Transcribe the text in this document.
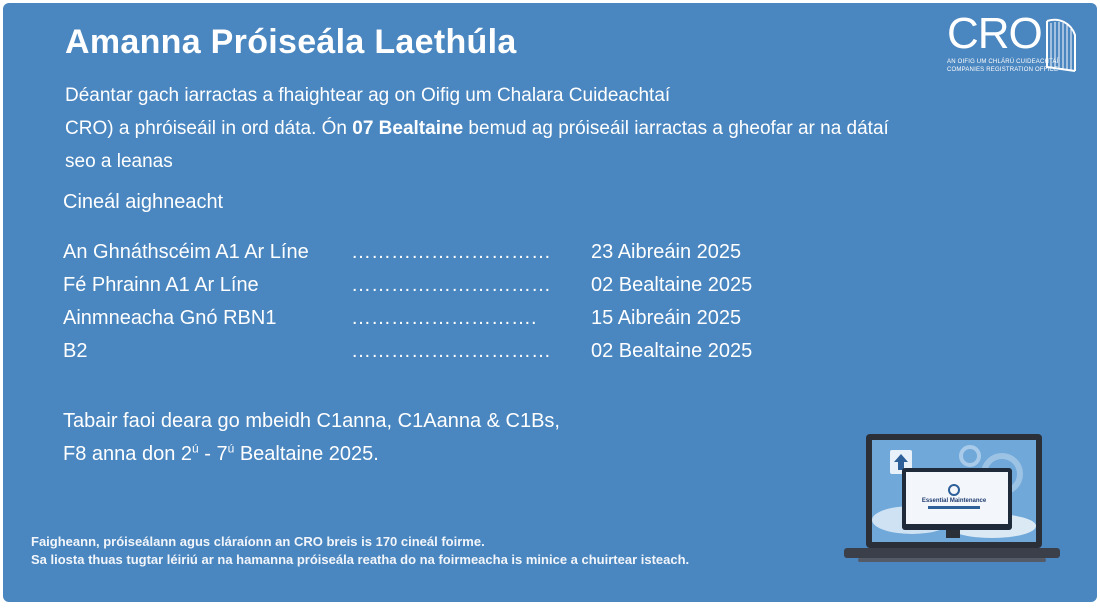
Amanna Próiseála Laethúla	CRO
AN OIFIG UM CHLÁRÚ CUIDEACHTAÍ
COMPANIES REGISTRATION OFFICE
Déantar gach iarractas a fhaightear ag on Oifig um Chalara Cuideachtaí
CRO) a phróiseáil in ord dáta. Ón 07 Bealtaine bemud ag próiseáil iarractas a gheofar ar na dátaí
seo a leanas
Cineál aighneacht
An Ghnáthscéim A1 Ar Líne ………………………… 23 Aibreáin 2025
Fé Phrainn A1 Ar Líne	………………………… 02 Bealtaine 2025
Ainmneacha Gnó RBN1	……………………….	15 Aibreáin 2025
B2	………………………… 02 Bealtaine 2025
Tabair faoi deara go mbeidh C1anna, C1Aanna & C1Bs,
F8 anna don $2^ú - 7^ú$ Bealtaine 2025.
Faigheann, próiseálann agus cláraíonn an CRO breis is 170 cineál foirme.
Sa liosta thuas tugtar léiriú ar na hamanna próiseála reatha do na foirmeacha is minice a chuirtear isteach.
Essential Maintenance
